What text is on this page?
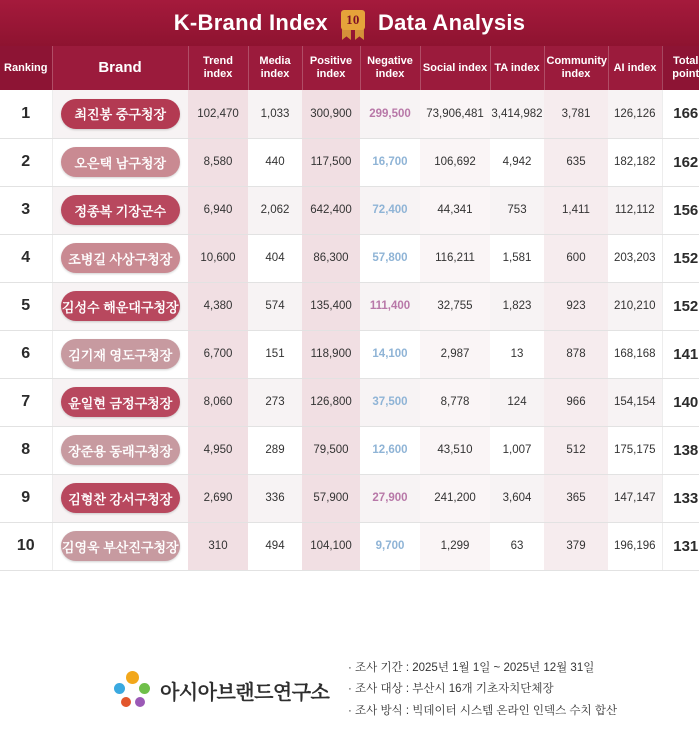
K-Brand Index	10 Data Analysis
Ranking	Brand	Trend index	Media index	Positive index	Negative index	Social index	TA index	Community index	AI index	Total point
1	최진봉 중구청장	102,470	1,033	300,900	299,500	73,906,481	3,414,982	3,781	126,126	166
2	오은택 남구청장	8,580	440	117,500	16,700	106,692	4,942	635	182,182	162
3	정종복 기장군수	6,940	2,062	642,400	72,400	44,341	753	1,411	112,112	156
4	조병길 사상구청장	10,600	404	86,300	57,800	116,211	1,581	600	203,203	152
5	김성수 해운대구청장	4,380	574	135,400	111,400	32,755	1,823	923	210,210	152
6	김기재 영도구청장	6,700	151	118,900	14,100	2,987	13	878	168,168	141
7	윤일현 금정구청장	8,060	273	126,800	37,500	8,778	124	966	154,154	140
8	장준용 동래구청장	4,950	289	79,500	12,600	43,510	1,007	512	175,175	138
9	김형찬 강서구청장	2,690	336	57,900	27,900	241,200	3,604	365	147,147	133
10	김영욱 부산진구청장	310	494	104,100	9,700	1,299	63	379	196,196	131
아시아브랜드연구소
· 조사 기간 : 2025년 1월 1일 ~ 2025년 12월 31일
· 조사 대상 : 부산시 16개 기초자치단체장
· 조사 방식 : 빅데이터 시스템 온라인 인덱스 수치 합산
